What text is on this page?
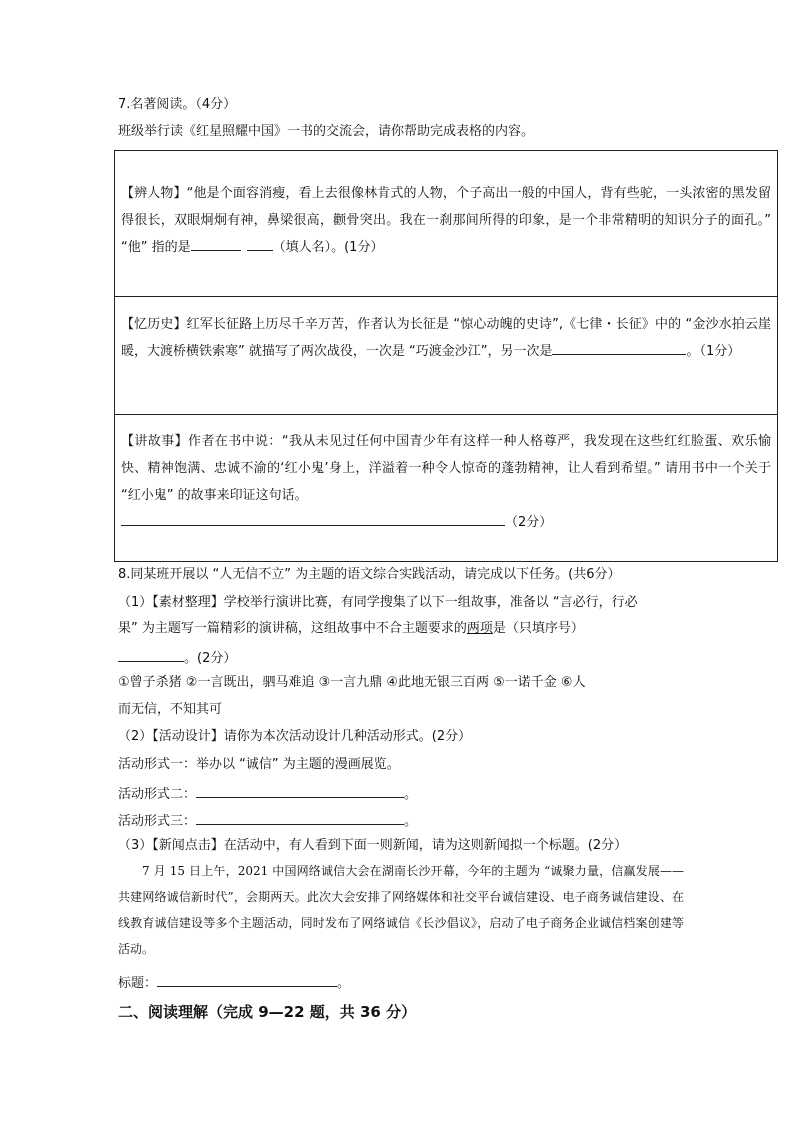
7.名著阅读。（4分）
班级举行读《红星照耀中国》一书的交流会，请你帮助完成表格的内容。
【辨人物】“他是个面容消瘦，看上去很像林肯式的人物，个子高出一般的中国人，背有些驼，一头浓密的黑发留得很长，双眼炯炯有神，鼻梁很高，颧骨突出。我在一刹那间所得的印象，是一个非常精明的知识分子的面孔。” “他” 指的是	（填人名）。(1分）
【忆历史】红军长征路上历尽千辛万苦，作者认为长征是 “惊心动魄的史诗”,《七律・长征》中的 “金沙水拍云崖暖，大渡桥横铁索寒” 就描写了两次战役，一次是 “巧渡金沙江”，另一次是	。（1分）
【讲故事】作者在书中说：“我从未见过任何中国青少年有这样一种人格尊严，我发现在这些红红脸蛋、欢乐愉快、精神饱满、忠诚不渝的‘红小鬼’身上，洋溢着一种令人惊奇的蓬勃精神，让人看到希望。” 请用书中一个关于 “红小鬼” 的故事来印证这句话。
（2分）
8.同某班开展以 “人无信不立” 为主题的语文综合实践活动，请完成以下任务。(共6分）
（1）【素材整理】学校举行演讲比赛，有同学搜集了以下一组故事，准备以 “言必行，行必
果” 为主题写一篇精彩的演讲稿，这组故事中不合主题要求的两项是（只填序号）
。(2分）
①曾子杀猪 ②一言既出，驷马难追 ③一言九鼎 ④此地无银三百两 ⑤一诺千金 ⑥人
而无信，不知其可
（2）【活动设计】请你为本次活动设计几种活动形式。(2分）
活动形式一：举办以 “诚信” 为主题的漫画展览。
活动形式二：	。
活动形式三：	。
（3）【新闻点击】在活动中，有人看到下面一则新闻，请为这则新闻拟一个标题。(2分）
7 月 15 日上午，2021 中国网络诚信大会在湖南长沙开幕，今年的主题为 “诚聚力量，信赢发展——共建网络诚信新时代”，会期两天。此次大会安排了网络媒体和社交平台诚信建设、电子商务诚信建设、在线教育诚信建设等多个主题活动，同时发布了网络诚信《长沙倡议》，启动了电子商务企业诚信档案创建等活动。
标题：	。
二、阅读理解（完成 9—22 题，共 36 分）
